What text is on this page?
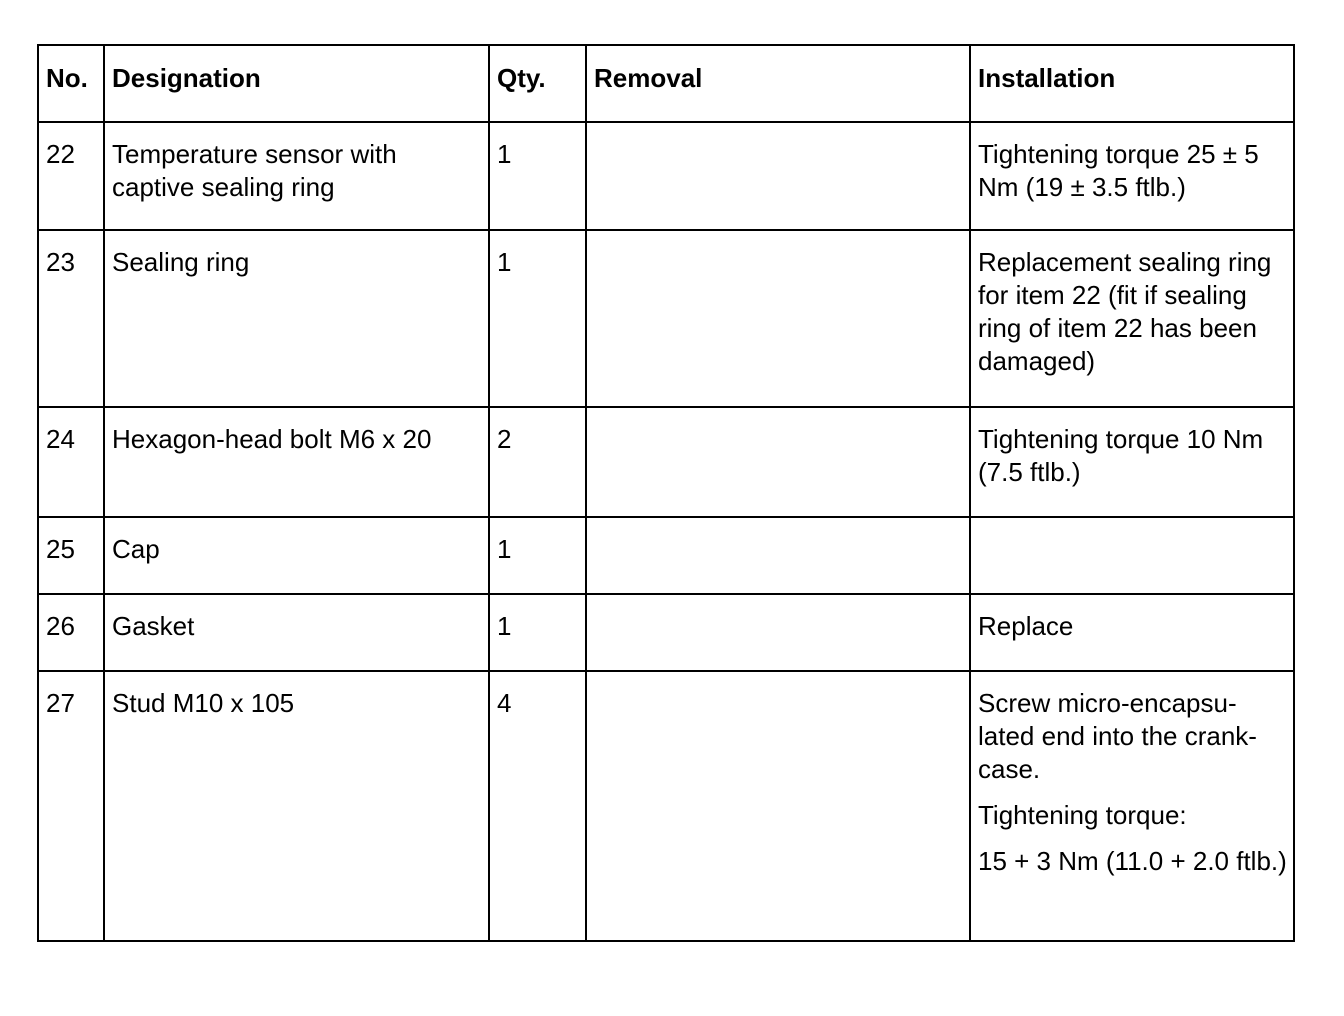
No.	Designation	Qty.	Removal	Installation
22	Temperature sensor with captive sealing ring	1		Tightening torque 25 ± 5 Nm (19 ± 3.5 ftlb.)

23	Sealing ring	1		Replacement sealing ring for item 22 (fit if sealing ring of item 22 has been damaged)

24	Hexagon-head bolt M6 x 20	2		Tightening torque 10 Nm (7.5 ftlb.)

25	Cap	1		
26	Gasket	1		Replace

27	Stud M10 x 105	4		Screw micro-encapsu-lated end into the crank-case.
Tightening torque:
15 + 3 Nm (11.0 + 2.0 ftlb.)
